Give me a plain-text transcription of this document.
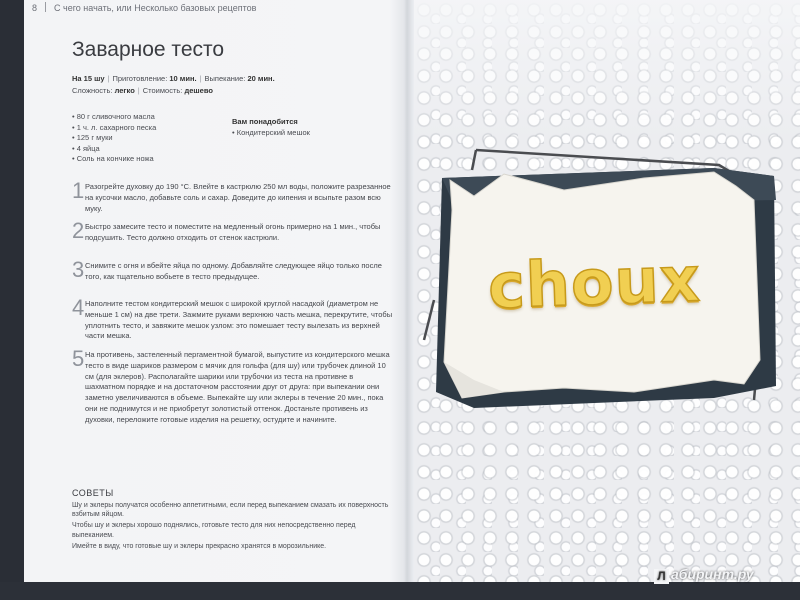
8 С чего начать, или Несколько базовых рецептов
Заварное тесто
На 15 шу | Приготовление: 10 мин. | Выпекание: 20 мин.
Сложность: легко | Стоимость: дешево
• 80 г сливочного масла
• 1 ч. л. сахарного песка
• 125 г муки
• 4 яйца
• Соль на кончике ножа
Вам понадобится
• Кондитерский мешок
1 Разогрейте духовку до 190 °С. Влейте в кастрюлю 250 мл воды, положите разрезанное на кусочки масло, добавьте соль и сахар. Доведите до кипения и всыпьте разом всю муку.
2 Быстро замесите тесто и поместите на медленный огонь примерно на 1 мин., чтобы подсушить. Тесто должно отходить от стенок кастрюли.
3 Снимите с огня и вбейте яйца по одному. Добавляйте следующее яйцо только после того, как тщательно вобьете в тесто предыдущее.
4 Наполните тестом кондитерский мешок с широкой круглой насадкой (диаметром не меньше 1 см) на две трети. Зажмите руками верхнюю часть мешка, перекрутите, чтобы уплотнить тесто, и завяжите мешок узлом: это помешает тесту вылезать из верхней части мешка.
5 На противень, застеленный пергаментной бумагой, выпустите из кондитерского мешка тесто в виде шариков размером с мячик для гольфа (для шу) или трубочек длиной 10 см (для эклеров). Располагайте шарики или трубочки из теста на противне в шахматном порядке и на достаточном расстоянии друг от друга: при выпекании они заметно увеличиваются в объеме. Выпекайте шу или эклеры в течение 20 мин., пока они не поднимутся и не приобретут золотистый оттенок. Достаньте противень из духовки, переложите готовые изделия на решетку, остудите и начините.
СОВЕТЫ

Шу и эклеры получатся особенно аппетитными, если перед выпеканием смазать их поверхность взбитым яйцом.

Чтобы шу и эклеры хорошо поднялись, готовьте тесто для них непосредственно перед выпеканием.

Имейте в виду, что готовые шу и эклеры прекрасно хранятся в морозильнике.

choux
Л абиринт.ру
